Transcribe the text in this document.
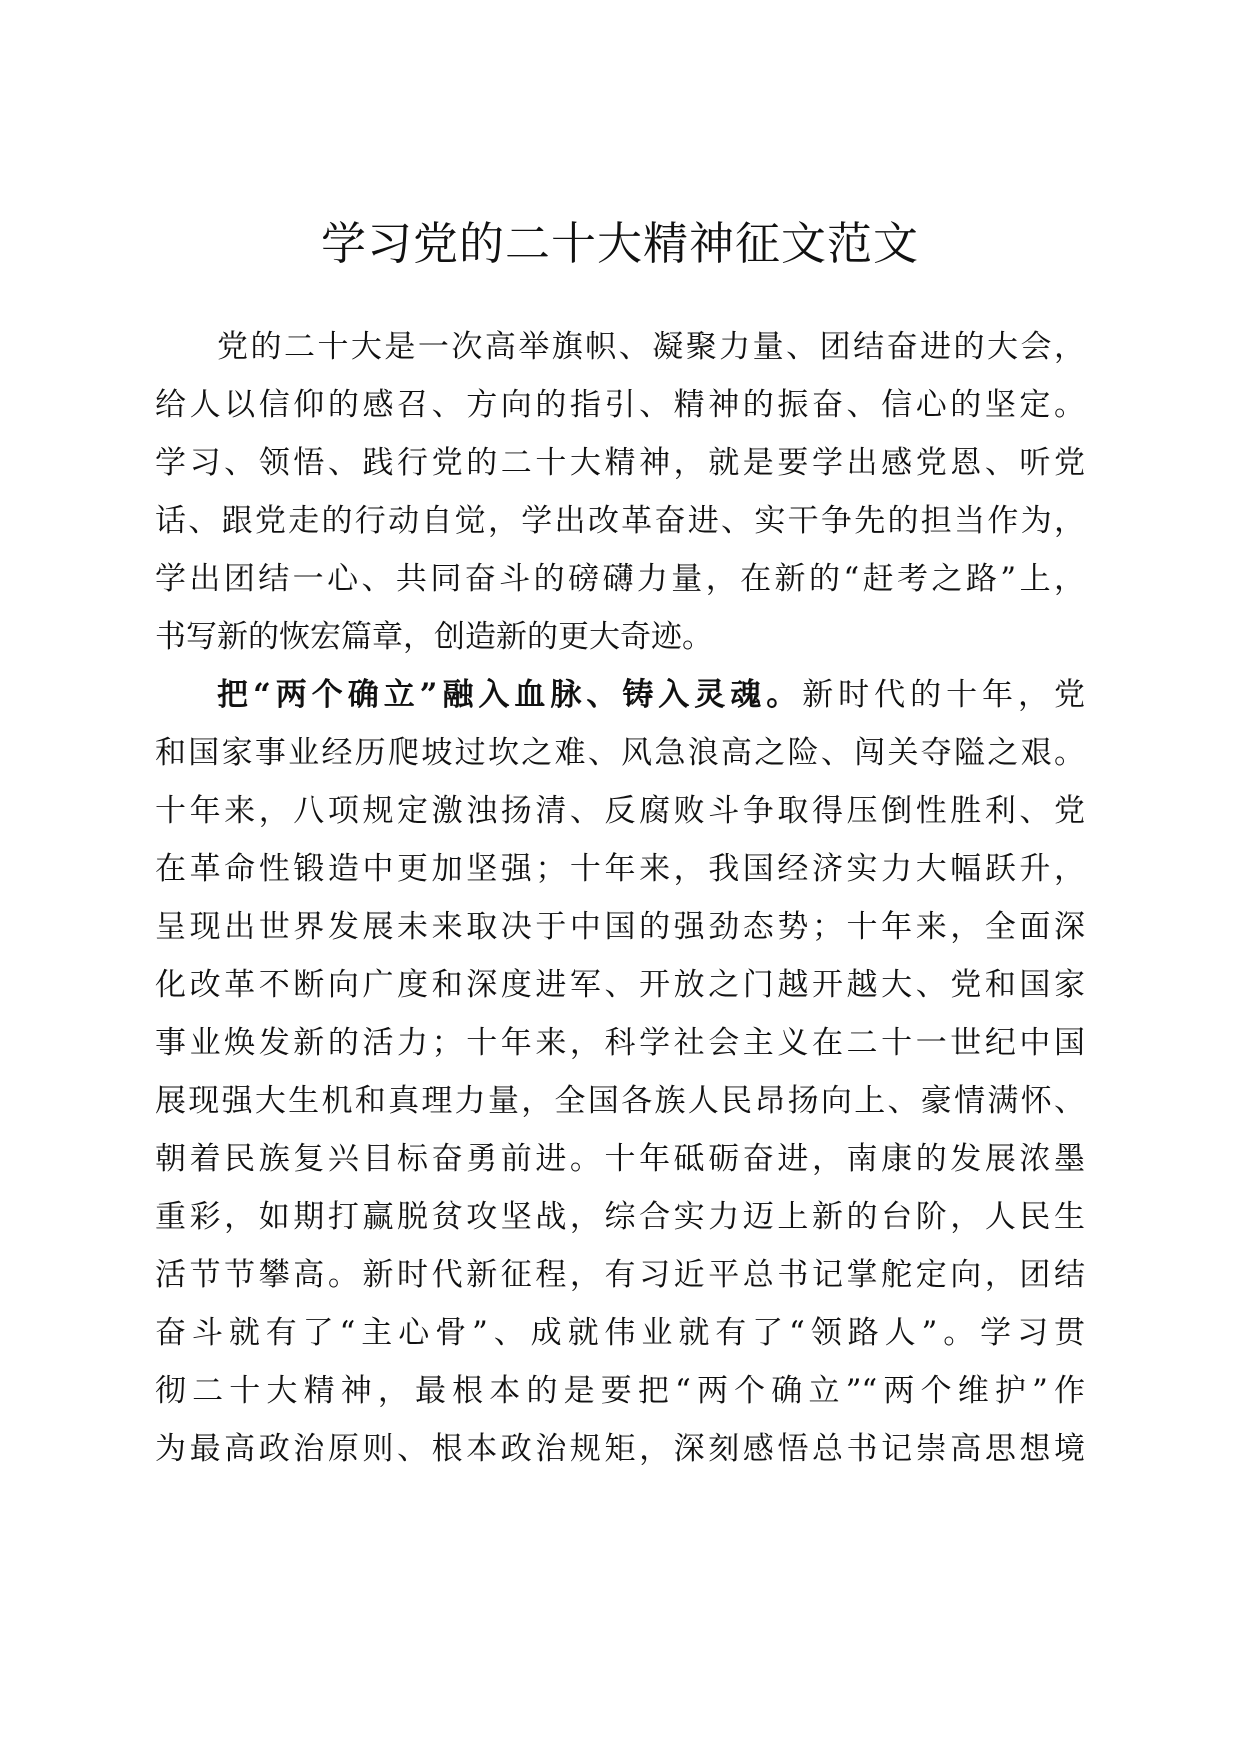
学习党的二十大精神征文范文
党的二十大是一次高举旗帜、凝聚力量、团结奋进的大会，
给人以信仰的感召、方向的指引、精神的振奋、信心的坚定。
学习、领悟、践行党的二十大精神，就是要学出感党恩、听党
话、跟党走的行动自觉，学出改革奋进、实干争先的担当作为，
学出团结一心、共同奋斗的磅礴力量，在新的“赶考之路”上，
书写新的恢宏篇章，创造新的更大奇迹。
把“两个确立”融入血脉、铸入灵魂。新时代的十年，党
和国家事业经历爬坡过坎之难、风急浪高之险、闯关夺隘之艰。
十年来，八项规定激浊扬清、反腐败斗争取得压倒性胜利、党
在革命性锻造中更加坚强；十年来，我国经济实力大幅跃升，
呈现出世界发展未来取决于中国的强劲态势；十年来，全面深
化改革不断向广度和深度进军、开放之门越开越大、党和国家
事业焕发新的活力；十年来，科学社会主义在二十一世纪中国
展现强大生机和真理力量，全国各族人民昂扬向上、豪情满怀、
朝着民族复兴目标奋勇前进。十年砥砺奋进，南康的发展浓墨
重彩，如期打赢脱贫攻坚战，综合实力迈上新的台阶，人民生
活节节攀高。新时代新征程，有习近平总书记掌舵定向，团结
奋斗就有了“主心骨”、成就伟业就有了“领路人”。学习贯
彻二十大精神，最根本的是要把“两个确立”“两个维护”作
为最高政治原则、根本政治规矩，深刻感悟总书记崇高思想境
